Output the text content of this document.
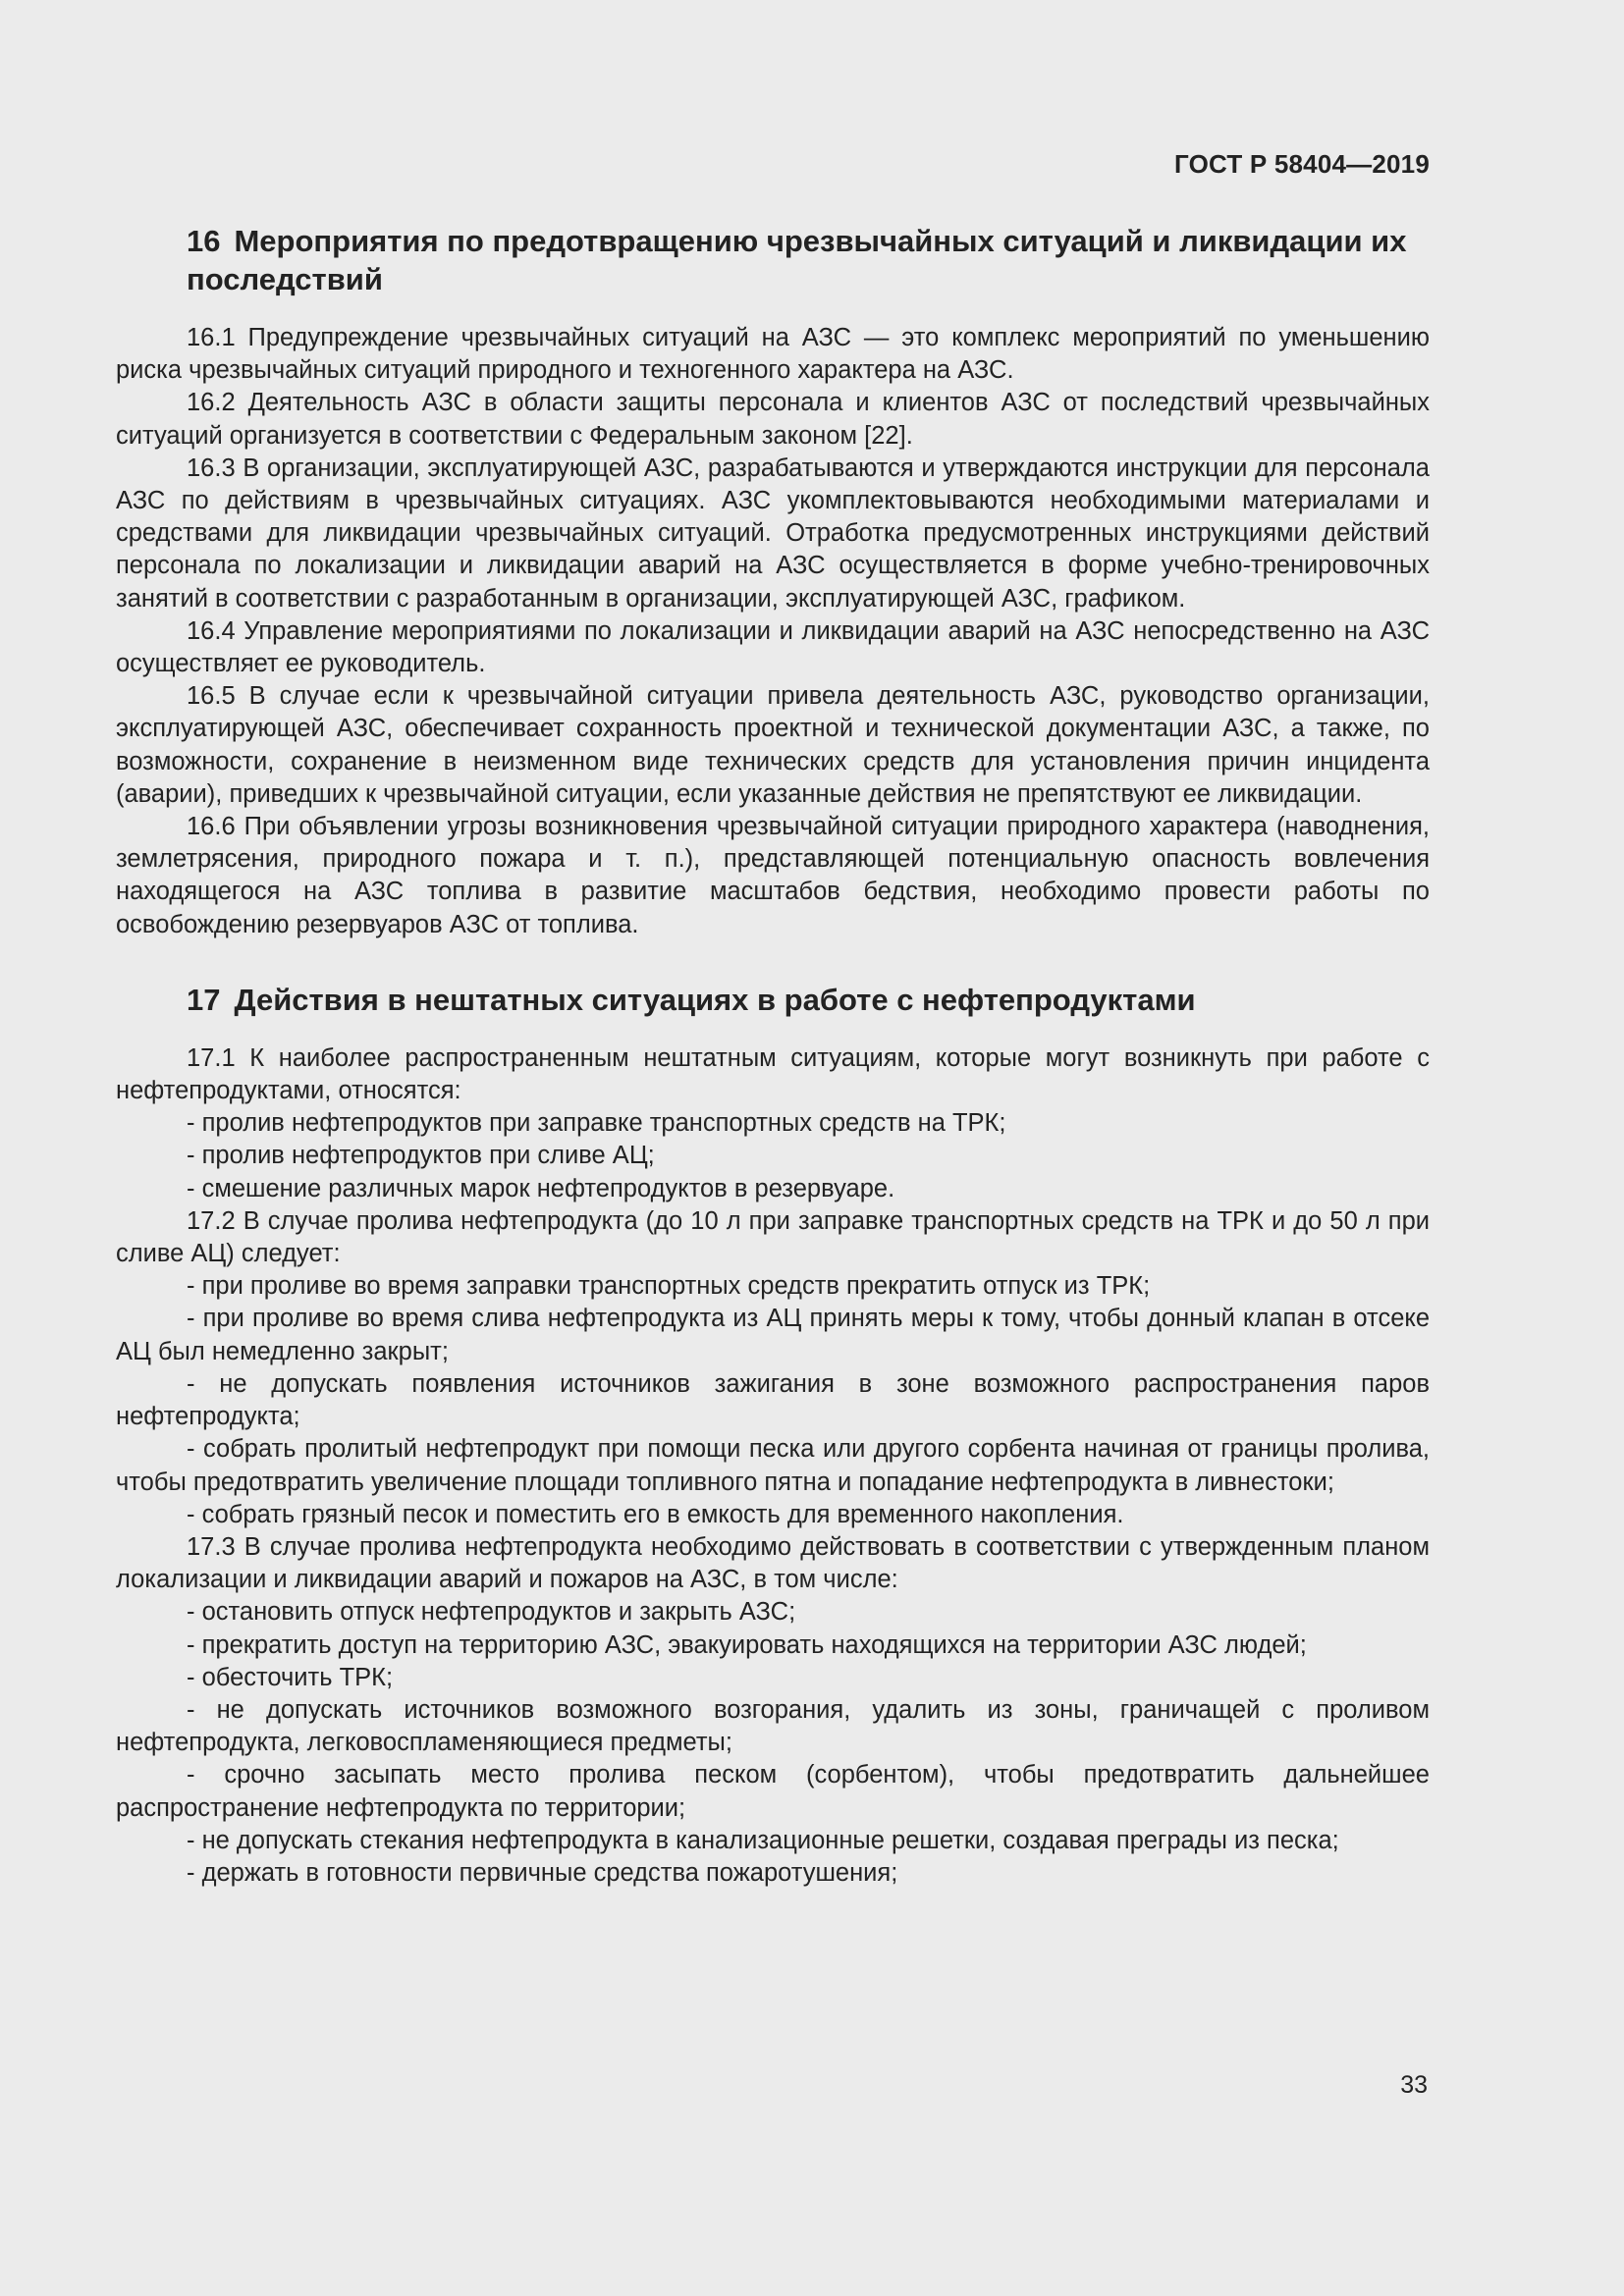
ГОСТ Р 58404—2019
16 Мероприятия по предотвращению чрезвычайных ситуаций и ликвидации их последствий

16.1 Предупреждение чрезвычайных ситуаций на АЗС — это комплекс мероприятий по уменьшению риска чрезвычайных ситуаций природного и техногенного характера на АЗС.

16.2 Деятельность АЗС в области защиты персонала и клиентов АЗС от последствий чрезвычайных ситуаций организуется в соответствии с Федеральным законом [22].

16.3 В организации, эксплуатирующей АЗС, разрабатываются и утверждаются инструкции для персонала АЗС по действиям в чрезвычайных ситуациях. АЗС укомплектовываются необходимыми материалами и средствами для ликвидации чрезвычайных ситуаций. Отработка предусмотренных инструкциями действий персонала по локализации и ликвидации аварий на АЗС осуществляется в форме учебно-тренировочных занятий в соответствии с разработанным в организации, эксплуатирующей АЗС, графиком.

16.4 Управление мероприятиями по локализации и ликвидации аварий на АЗС непосредственно на АЗС осуществляет ее руководитель.

16.5 В случае если к чрезвычайной ситуации привела деятельность АЗС, руководство организации, эксплуатирующей АЗС, обеспечивает сохранность проектной и технической документации АЗС, а также, по возможности, сохранение в неизменном виде технических средств для установления причин инцидента (аварии), приведших к чрезвычайной ситуации, если указанные действия не препятствуют ее ликвидации.

16.6 При объявлении угрозы возникновения чрезвычайной ситуации природного характера (наводнения, землетрясения, природного пожара и т. п.), представляющей потенциальную опасность вовлечения находящегося на АЗС топлива в развитие масштабов бедствия, необходимо провести работы по освобождению резервуаров АЗС от топлива.

17 Действия в нештатных ситуациях в работе с нефтепродуктами

17.1 К наиболее распространенным нештатным ситуациям, которые могут возникнуть при работе с нефтепродуктами, относятся:

- пролив нефтепродуктов при заправке транспортных средств на ТРК;

- пролив нефтепродуктов при сливе АЦ;

- смешение различных марок нефтепродуктов в резервуаре.

17.2 В случае пролива нефтепродукта (до 10 л при заправке транспортных средств на ТРК и до 50 л при сливе АЦ) следует:

- при проливе во время заправки транспортных средств прекратить отпуск из ТРК;

- при проливе во время слива нефтепродукта из АЦ принять меры к тому, чтобы донный клапан в отсеке АЦ был немедленно закрыт;

- не допускать появления источников зажигания в зоне возможного распространения паров нефтепродукта;

- собрать пролитый нефтепродукт при помощи песка или другого сорбента начиная от границы пролива, чтобы предотвратить увеличение площади топливного пятна и попадание нефтепродукта в ливнестоки;

- собрать грязный песок и поместить его в емкость для временного накопления.

17.3 В случае пролива нефтепродукта необходимо действовать в соответствии с утвержденным планом локализации и ликвидации аварий и пожаров на АЗС, в том числе:

- остановить отпуск нефтепродуктов и закрыть АЗС;

- прекратить доступ на территорию АЗС, эвакуировать находящихся на территории АЗС людей;

- обесточить ТРК;

- не допускать источников возможного возгорания, удалить из зоны, граничащей с проливом нефтепродукта, легковоспламеняющиеся предметы;

- срочно засыпать место пролива песком (сорбентом), чтобы предотвратить дальнейшее распространение нефтепродукта по территории;

- не допускать стекания нефтепродукта в канализационные решетки, создавая преграды из песка;

- держать в готовности первичные средства пожаротушения;

33
